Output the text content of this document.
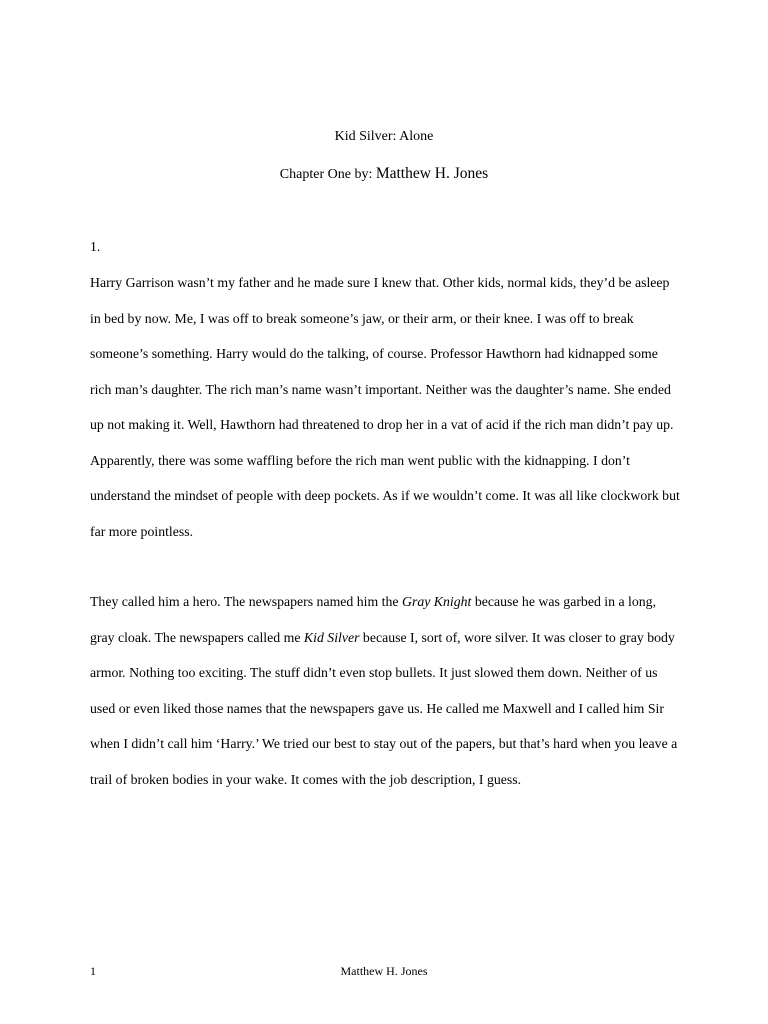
Kid Silver: Alone
Chapter One by: Matthew H. Jones

1.

Harry Garrison wasn’t my father and he made sure I knew that. Other kids, normal kids, they’d be asleep in bed by now. Me, I was off to break someone’s jaw, or their arm, or their knee. I was off to break someone’s something. Harry would do the talking, of course. Professor Hawthorn had kidnapped some rich man’s daughter. The rich man’s name wasn’t important. Neither was the daughter’s name. She ended up not making it. Well, Hawthorn had threatened to drop her in a vat of acid if the rich man didn’t pay up. Apparently, there was some waffling before the rich man went public with the kidnapping. I don’t understand the mindset of people with deep pockets. As if we wouldn’t come. It was all like clockwork but far more pointless.

They called him a hero. The newspapers named him the Gray Knight because he was garbed in a long, gray cloak. The newspapers called me Kid Silver because I, sort of, wore silver. It was closer to gray body armor. Nothing too exciting. The stuff didn’t even stop bullets. It just slowed them down. Neither of us used or even liked those names that the newspapers gave us. He called me Maxwell and I called him Sir when I didn’t call him ‘Harry.’ We tried our best to stay out of the papers, but that’s hard when you leave a trail of broken bodies in your wake. It comes with the job description, I guess.

1	Matthew H. Jones
